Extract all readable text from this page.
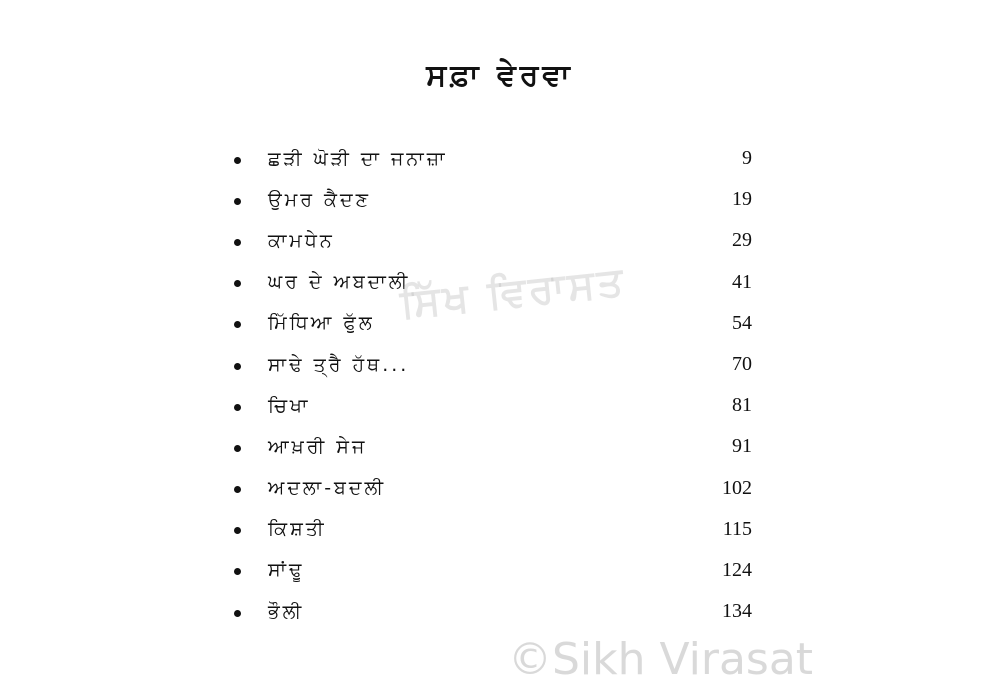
ਸਫ਼ਾ ਵੇਰਵਾ
ਛੜੀ ਘੋੜੀ ਦਾ ਜਨਾਜ਼ਾ	9
ਉਮਰ ਕੈਦਣ	19
ਕਾਮਧੇਨ	29
ਘਰ ਦੇ ਅਬਦਾਲੀ	41
ਮਿੱਧਿਆ ਫੁੱਲ	54
ਸਾਢੇ ਤ੍ਰੈ ਹੱਥ...	70
ਚਿਖਾ	81
ਆਖ਼ਰੀ ਸੇਜ	91
ਅਦਲਾ-ਬਦਲੀ	102
ਕਿਸ਼ਤੀ	115
ਸਾਂਢੂ	124
ਭੌਲੀ	134
ਸਿੱਖ ਵਿਰਾਸਤ
©Sikh Virasat
